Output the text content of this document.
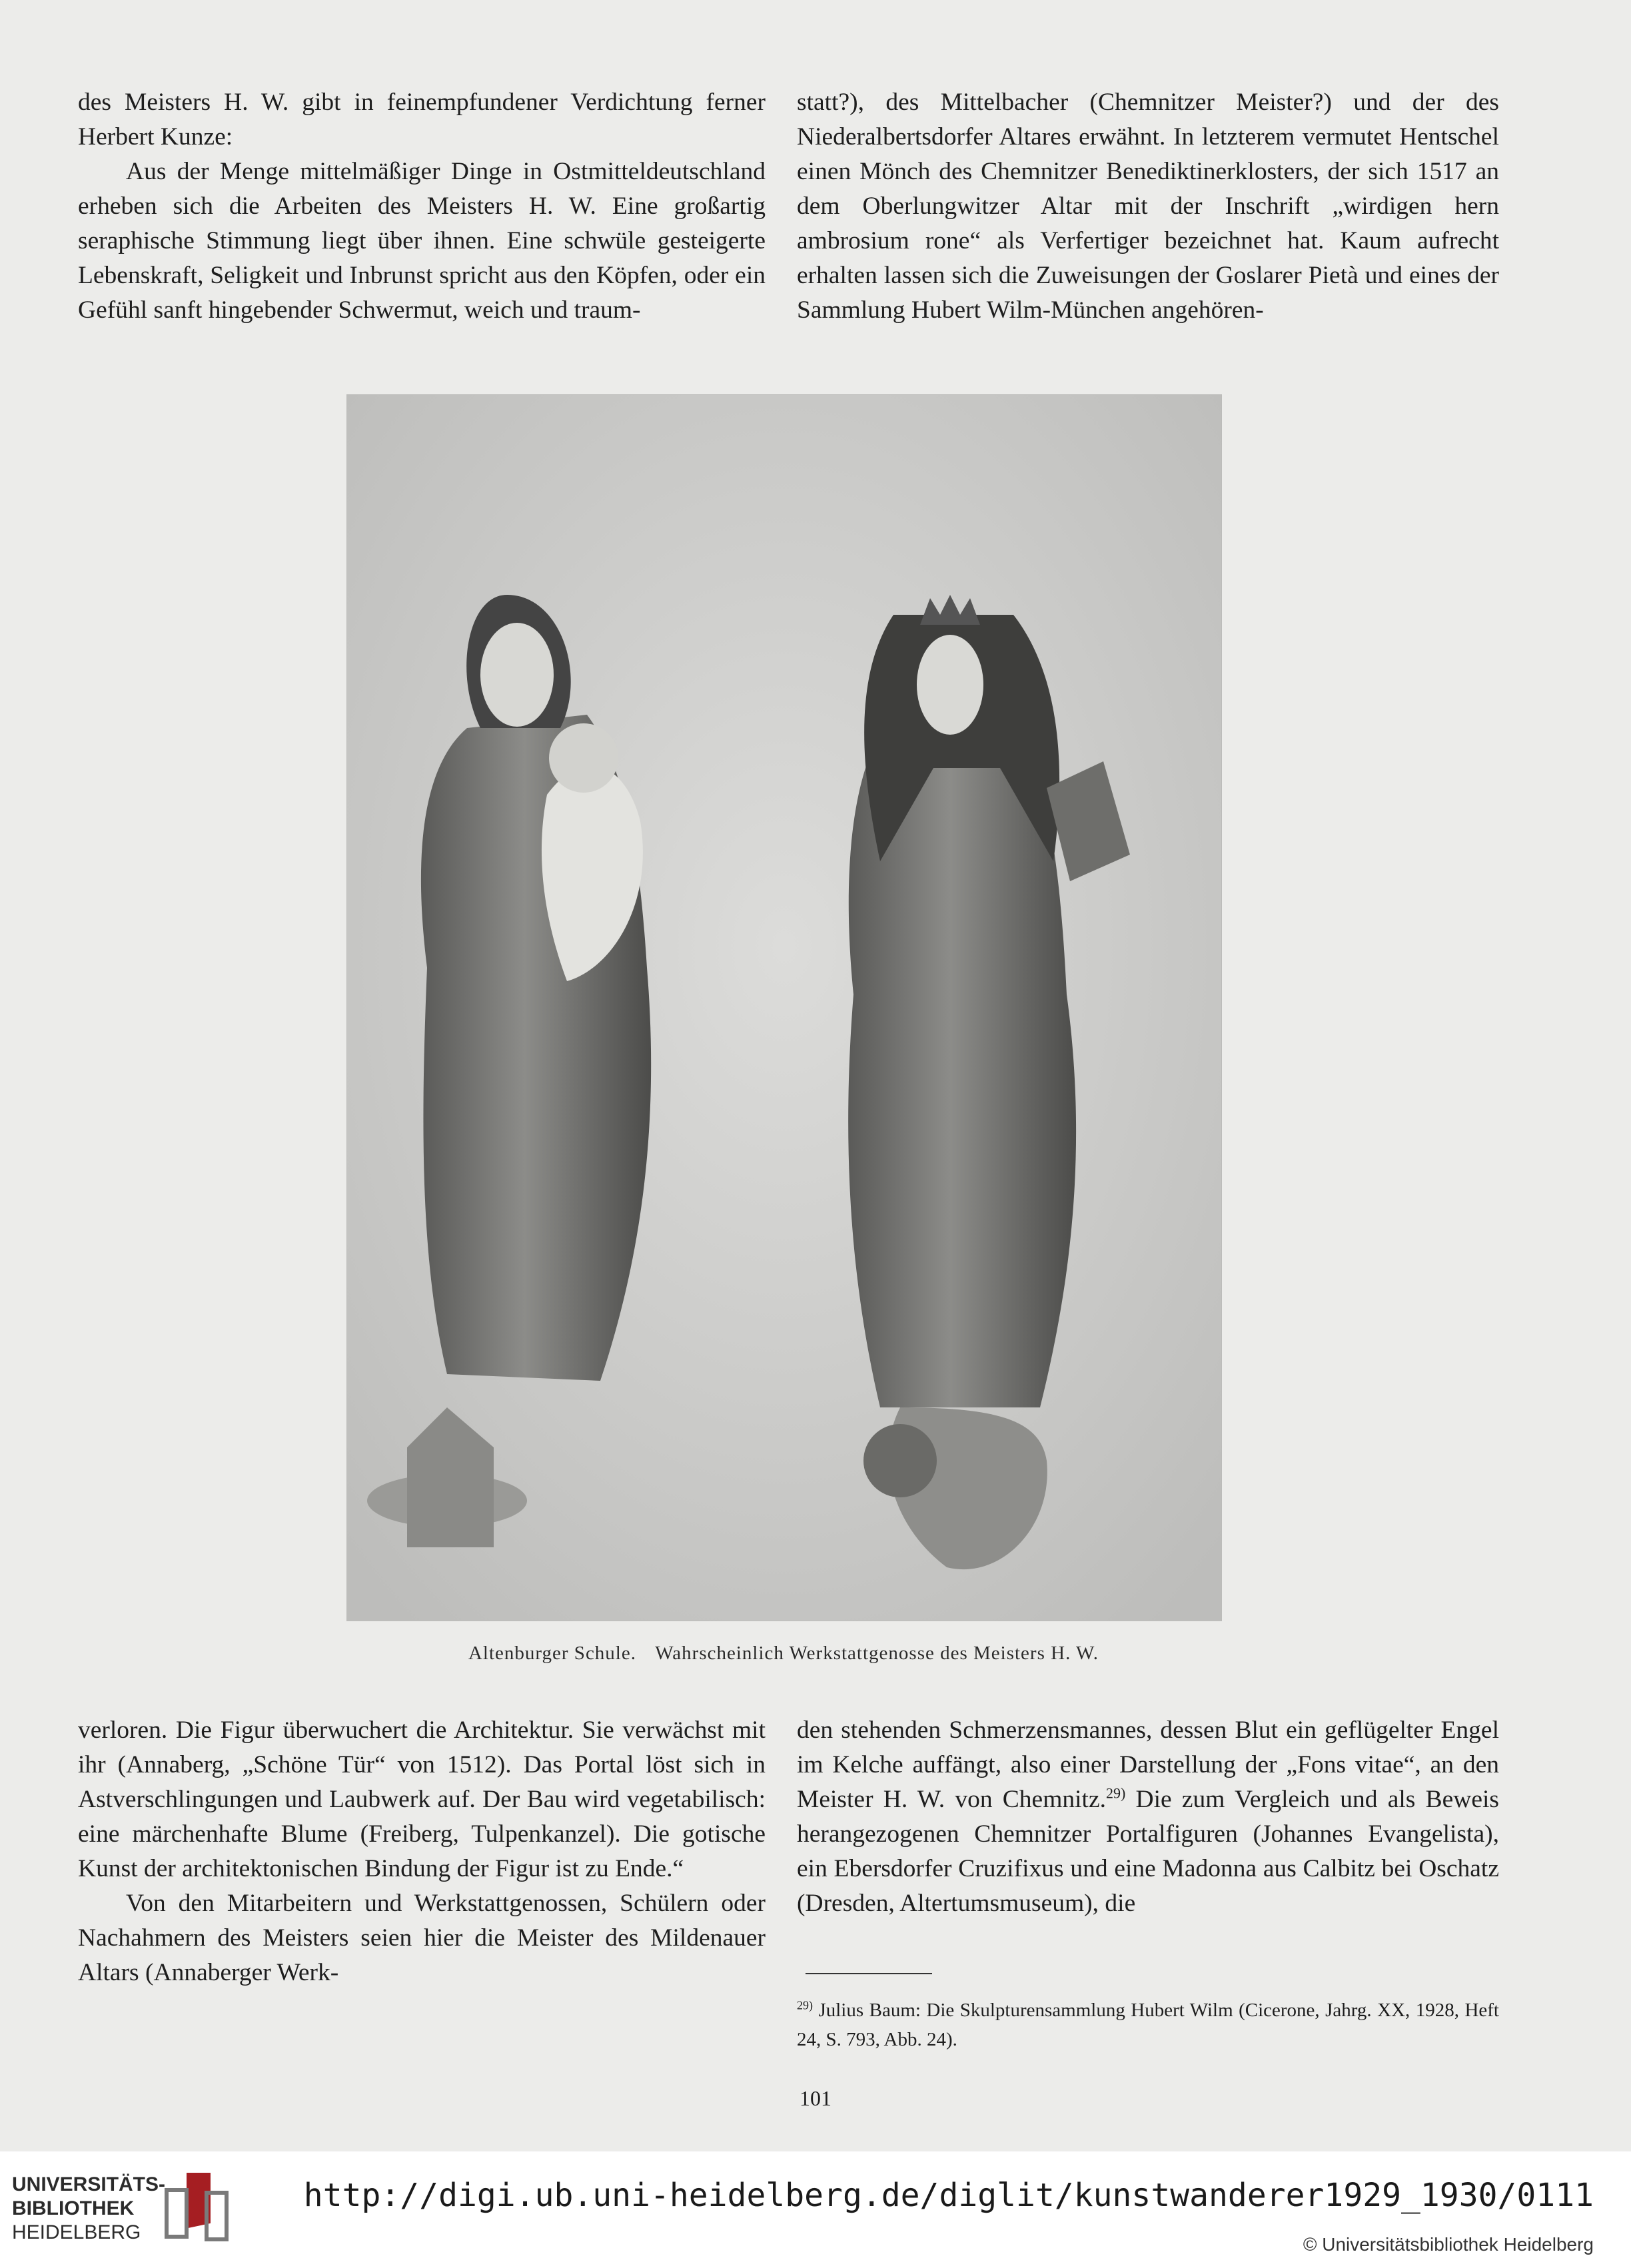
des Meisters H. W. gibt in feinempfundener Verdichtung ferner Herbert Kunze:

Aus der Menge mittelmäßiger Dinge in Ostmitteldeutschland erheben sich die Arbeiten des Meisters H. W. Eine großartig seraphische Stimmung liegt über ihnen. Eine schwüle gesteigerte Lebenskraft, Seligkeit und Inbrunst spricht aus den Köpfen, oder ein Gefühl sanft hingebender Schwermut, weich und traum-

statt?), des Mittelbacher (Chemnitzer Meister?) und der des Niederalbertsdorfer Altares erwähnt. In letzterem vermutet Hentschel einen Mönch des Chemnitzer Benediktinerklosters, der sich 1517 an dem Oberlungwitzer Altar mit der Inschrift „wirdigen hern ambrosium rone“ als Verfertiger bezeichnet hat. Kaum aufrecht erhalten lassen sich die Zuweisungen der Goslarer Pietà und eines der Sammlung Hubert Wilm-München angehören-

Altenburger Schule. Wahrscheinlich Werkstattgenosse des Meisters H. W.

verloren. Die Figur überwuchert die Architektur. Sie verwächst mit ihr (Annaberg, „Schöne Tür“ von 1512). Das Portal löst sich in Astverschlingungen und Laubwerk auf. Der Bau wird vegetabilisch: eine märchenhafte Blume (Freiberg, Tulpenkanzel). Die gotische Kunst der architektonischen Bindung der Figur ist zu Ende.“

Von den Mitarbeitern und Werkstattgenossen, Schülern oder Nachahmern des Meisters seien hier die Meister des Mildenauer Altars (Annaberger Werk-

den stehenden Schmerzensmannes, dessen Blut ein geflügelter Engel im Kelche auffängt, also einer Darstellung der „Fons vitae“, an den Meister H. W. von Chemnitz.$^{29)}$ Die zum Vergleich und als Beweis herangezogenen Chemnitzer Portalfiguren (Johannes Evangelista), ein Ebersdorfer Cruzifixus und eine Madonna aus Calbitz bei Oschatz (Dresden, Altertumsmuseum), die

$^{29)}$ Julius Baum: Die Skulpturensammlung Hubert Wilm (Cicerone, Jahrg. XX, 1928, Heft 24, S. 793, Abb. 24).
101
UNIVERSITÄTS-
BIBLIOTHEK
HEIDELBERG
http://digi.ub.uni-heidelberg.de/diglit/kunstwanderer1929_1930/0111
© Universitätsbibliothek Heidelberg
